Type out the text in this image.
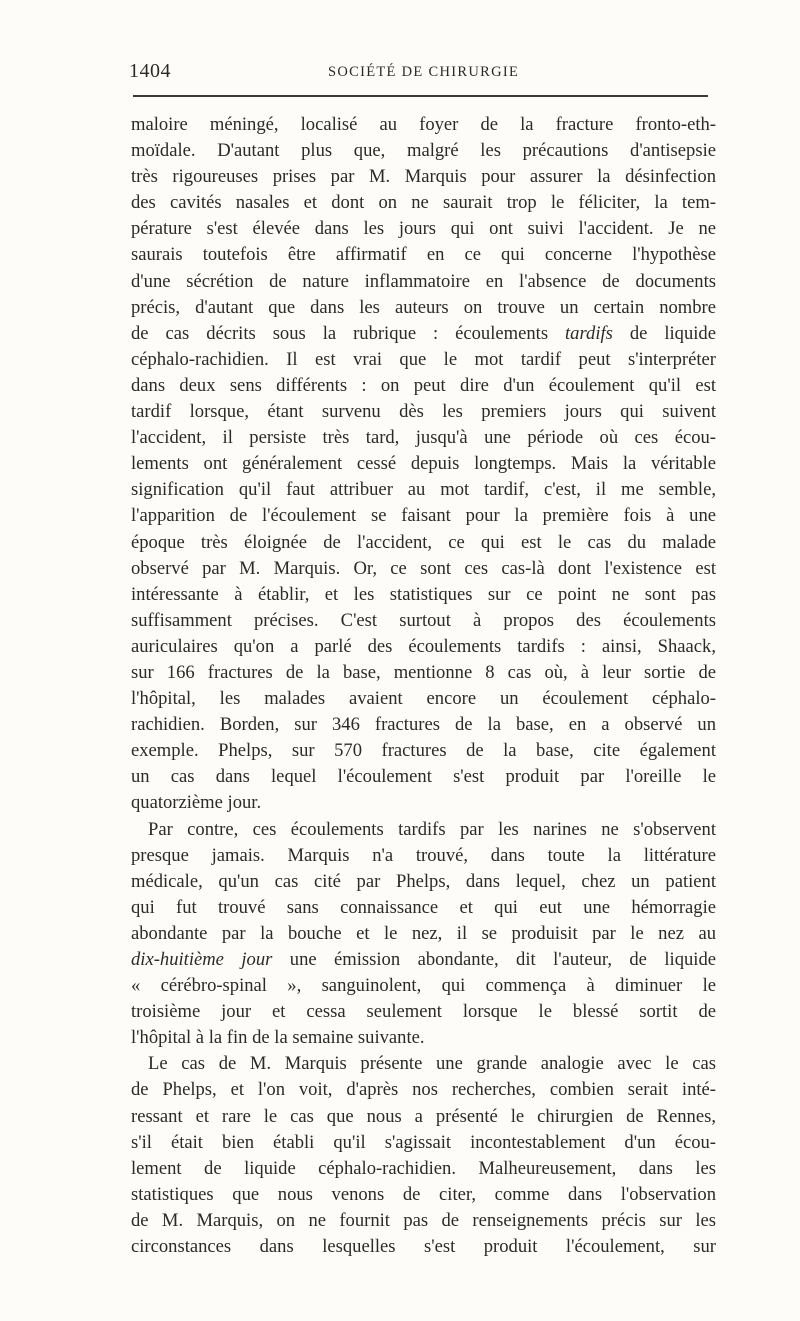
1404	SOCIÉTÉ DE CHIRURGIE
maloire méningé, localisé au foyer de la fracture fronto-eth-
moïdale. D'autant plus que, malgré les précautions d'antisepsie
très rigoureuses prises par M. Marquis pour assurer la désinfection
des cavités nasales et dont on ne saurait trop le féliciter, la tem-
pérature s'est élevée dans les jours qui ont suivi l'accident. Je ne
saurais toutefois être affirmatif en ce qui concerne l'hypothèse
d'une sécrétion de nature inflammatoire en l'absence de documents
précis, d'autant que dans les auteurs on trouve un certain nombre
de cas décrits sous la rubrique : écoulements tardifs de liquide
céphalo-rachidien. Il est vrai que le mot tardif peut s'interpréter
dans deux sens différents : on peut dire d'un écoulement qu'il est
tardif lorsque, étant survenu dès les premiers jours qui suivent
l'accident, il persiste très tard, jusqu'à une période où ces écou-
lements ont généralement cessé depuis longtemps. Mais la véritable
signification qu'il faut attribuer au mot tardif, c'est, il me semble,
l'apparition de l'écoulement se faisant pour la première fois à une
époque très éloignée de l'accident, ce qui est le cas du malade
observé par M. Marquis. Or, ce sont ces cas-là dont l'existence est
intéressante à établir, et les statistiques sur ce point ne sont pas
suffisamment précises. C'est surtout à propos des écoulements
auriculaires qu'on a parlé des écoulements tardifs : ainsi, Shaack,
sur 166 fractures de la base, mentionne 8 cas où, à leur sortie de
l'hôpital, les malades avaient encore un écoulement céphalo-
rachidien. Borden, sur 346 fractures de la base, en a observé un
exemple. Phelps, sur 570 fractures de la base, cite également
un cas dans lequel l'écoulement s'est produit par l'oreille le
quatorzième jour.
Par contre, ces écoulements tardifs par les narines ne s'observent
presque jamais. Marquis n'a trouvé, dans toute la littérature
médicale, qu'un cas cité par Phelps, dans lequel, chez un patient
qui fut trouvé sans connaissance et qui eut une hémorragie
abondante par la bouche et le nez, il se produisit par le nez au
dix-huitième jour une émission abondante, dit l'auteur, de liquide
« cérébro-spinal », sanguinolent, qui commença à diminuer le
troisième jour et cessa seulement lorsque le blessé sortit de
l'hôpital à la fin de la semaine suivante.
Le cas de M. Marquis présente une grande analogie avec le cas
de Phelps, et l'on voit, d'après nos recherches, combien serait inté-
ressant et rare le cas que nous a présenté le chirurgien de Rennes,
s'il était bien établi qu'il s'agissait incontestablement d'un écou-
lement de liquide céphalo-rachidien. Malheureusement, dans les
statistiques que nous venons de citer, comme dans l'observation
de M. Marquis, on ne fournit pas de renseignements précis sur les
circonstances dans lesquelles s'est produit l'écoulement, sur
